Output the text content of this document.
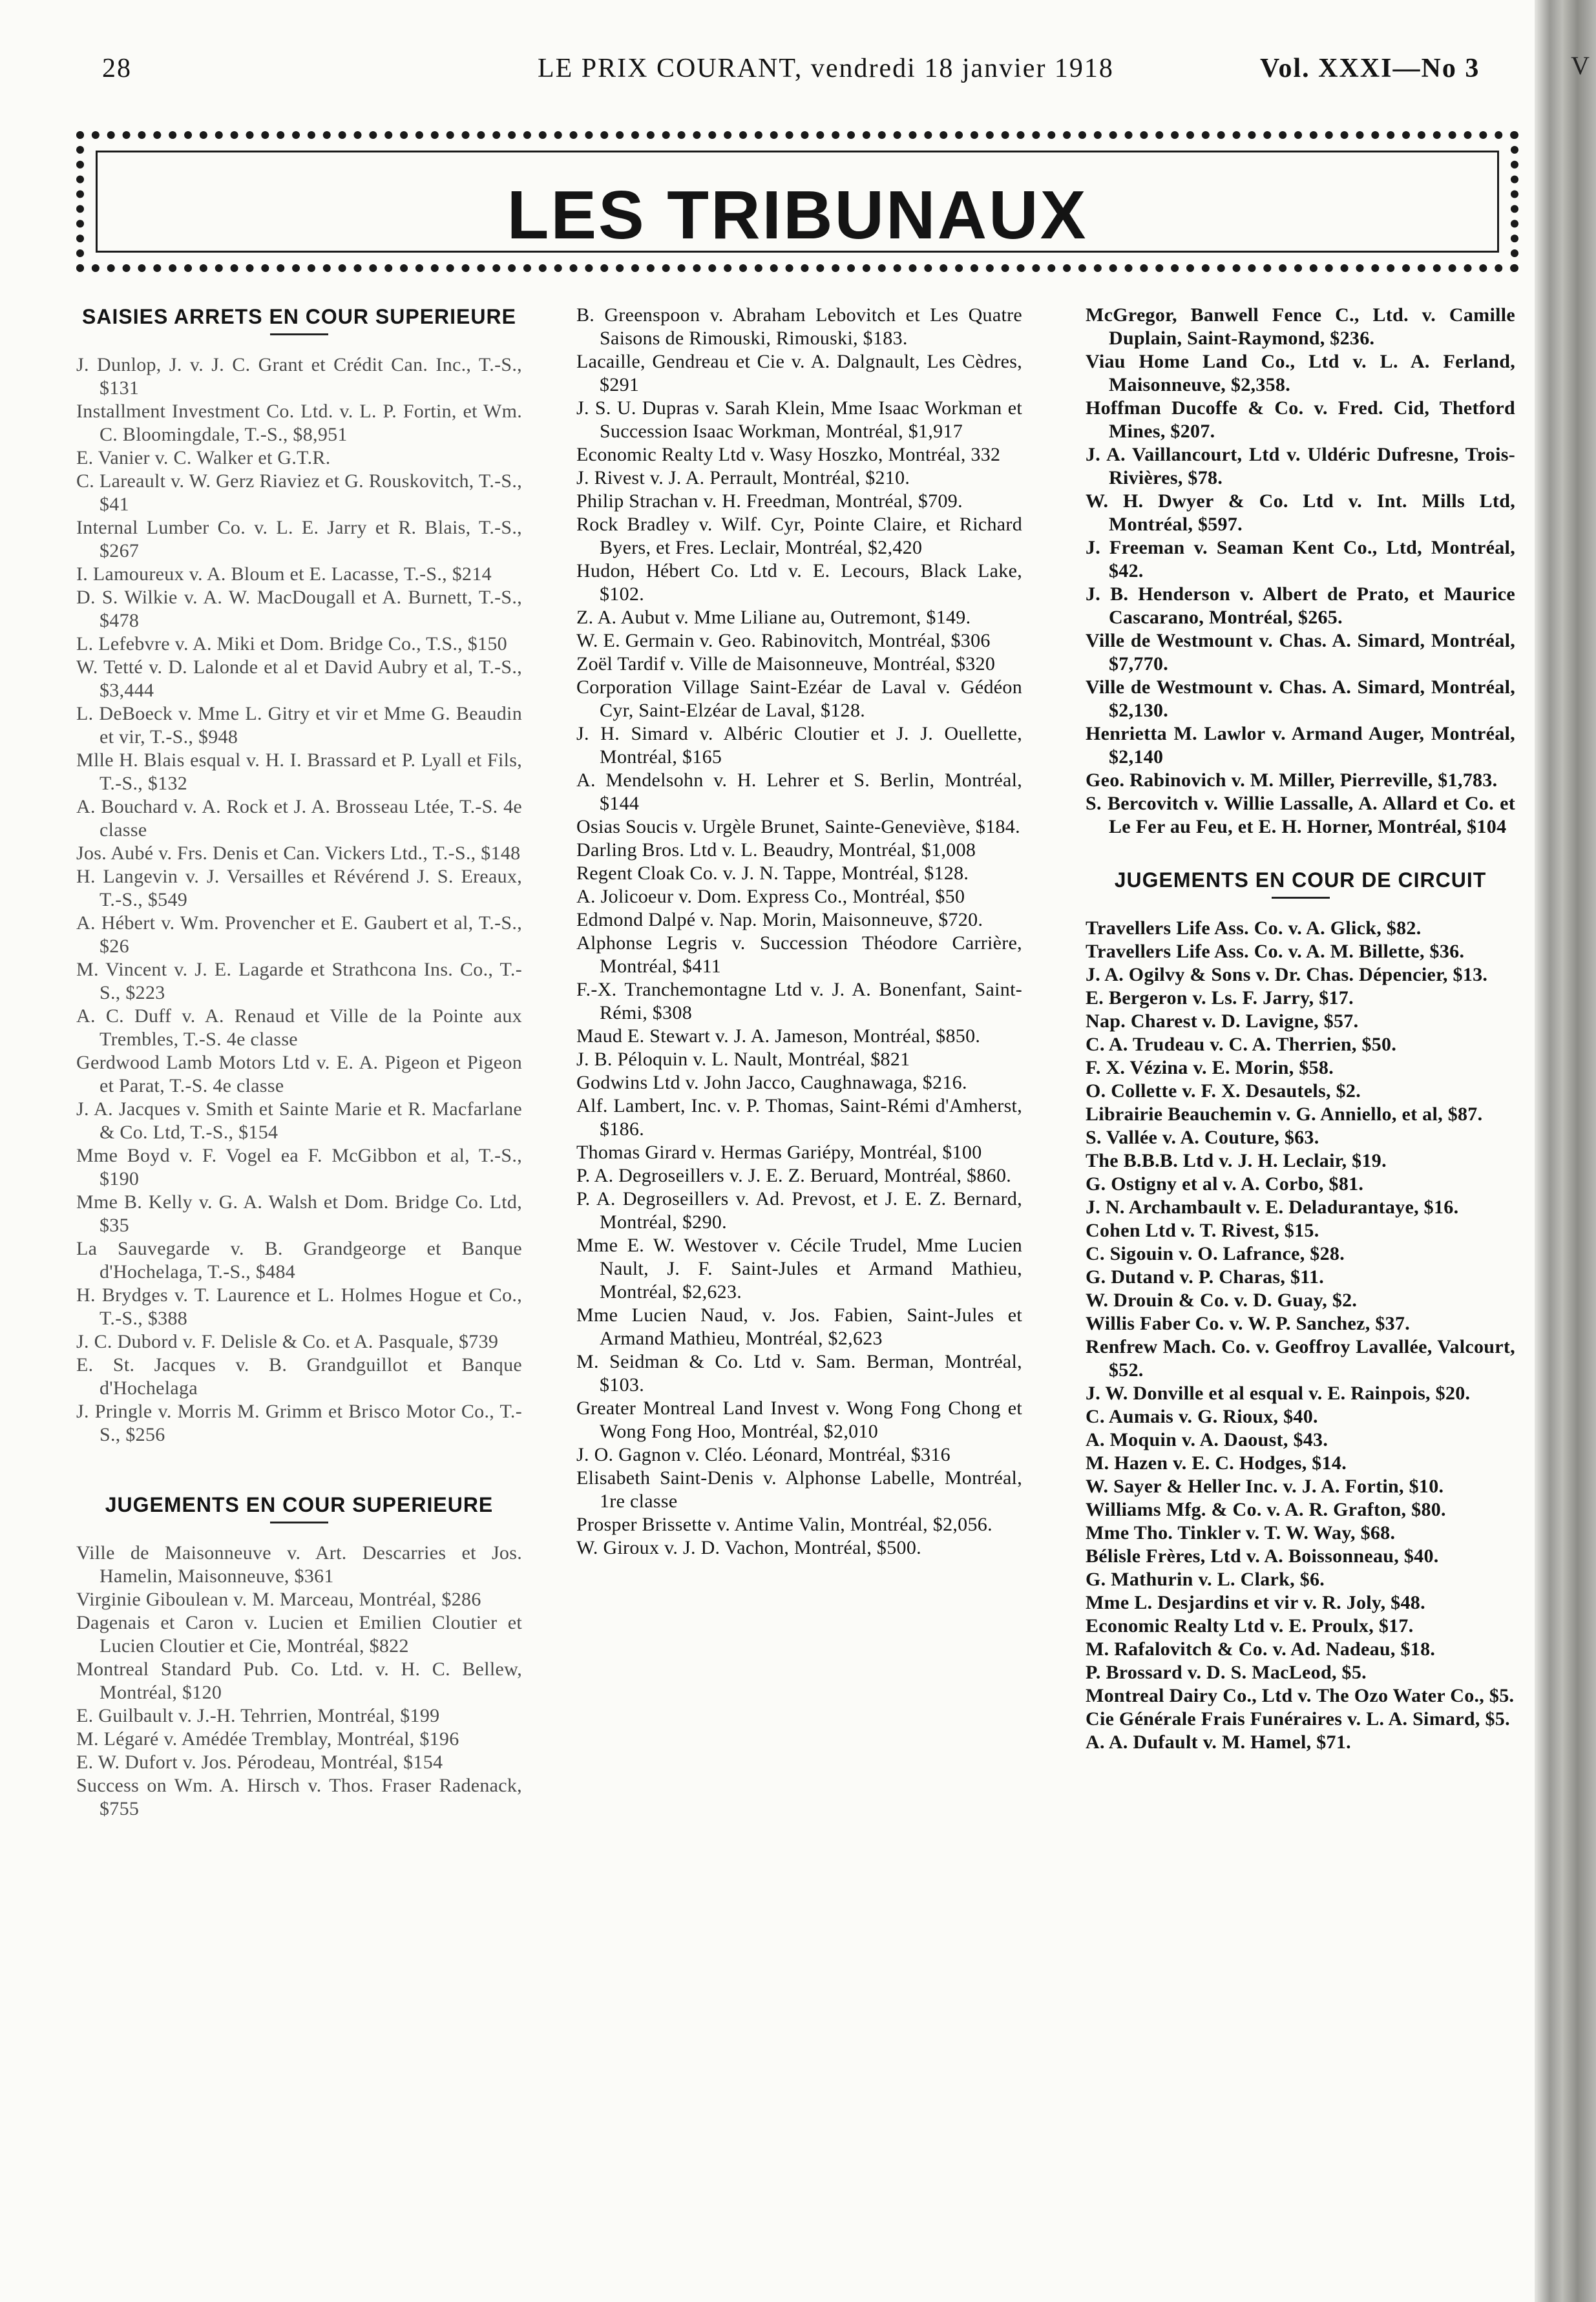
V
28	LE PRIX COURANT, vendredi 18 janvier 1918	Vol. XXXI—No 3
LES TRIBUNAUX
SAISIES ARRETS EN COUR SUPERIEURE

J. Dunlop, J. v. J. C. Grant et Crédit Can. Inc., T.-S., $131

Installment Investment Co. Ltd. v. L. P. Fortin, et Wm. C. Bloomingdale, T.-S., $8,951

E. Vanier v. C. Walker et G.T.R.

C. Lareault v. W. Gerz Riaviez et G. Rouskovitch, T.-S., $41

Internal Lumber Co. v. L. E. Jarry et R. Blais, T.-S., $267

I. Lamoureux v. A. Bloum et E. Lacasse, T.-S., $214

D. S. Wilkie v. A. W. MacDougall et A. Burnett, T.-S., $478

L. Lefebvre v. A. Miki et Dom. Bridge Co., T.S., $150

W. Tetté v. D. Lalonde et al et David Aubry et al, T.-S., $3,444

L. DeBoeck v. Mme L. Gitry et vir et Mme G. Beaudin et vir, T.-S., $948

Mlle H. Blais esqual v. H. I. Brassard et P. Lyall et Fils, T.-S., $132

A. Bouchard v. A. Rock et J. A. Brosseau Ltée, T.-S. 4e classe

Jos. Aubé v. Frs. Denis et Can. Vickers Ltd., T.-S., $148

H. Langevin v. J. Versailles et Révérend J. S. Ereaux, T.-S., $549

A. Hébert v. Wm. Provencher et E. Gaubert et al, T.-S., $26

M. Vincent v. J. E. Lagarde et Strathcona Ins. Co., T.-S., $223

A. C. Duff v. A. Renaud et Ville de la Pointe aux Trembles, T.-S. 4e classe

Gerdwood Lamb Motors Ltd v. E. A. Pigeon et Pigeon et Parat, T.-S. 4e classe

J. A. Jacques v. Smith et Sainte Marie et R. Macfarlane & Co. Ltd, T.-S., $154

Mme Boyd v. F. Vogel ea F. McGibbon et al, T.-S., $190

Mme B. Kelly v. G. A. Walsh et Dom. Bridge Co. Ltd, $35

La Sauvegarde v. B. Grandgeorge et Banque d'Hochelaga, T.-S., $484

H. Brydges v. T. Laurence et L. Holmes Hogue et Co., T.-S., $388

J. C. Dubord v. F. Delisle & Co. et A. Pasquale, $739

E. St. Jacques v. B. Grandguillot et Banque d'Hochelaga

J. Pringle v. Morris M. Grimm et Brisco Motor Co., T.-S., $256

JUGEMENTS EN COUR SUPERIEURE

Ville de Maisonneuve v. Art. Descarries et Jos. Hamelin, Maisonneuve, $361

Virginie Giboulean v. M. Marceau, Montréal, $286

Dagenais et Caron v. Lucien et Emilien Cloutier et Lucien Cloutier et Cie, Montréal, $822

Montreal Standard Pub. Co. Ltd. v. H. C. Bellew, Montréal, $120

E. Guilbault v. J.-H. Tehrrien, Montréal, $199

M. Légaré v. Amédée Tremblay, Montréal, $196

E. W. Dufort v. Jos. Pérodeau, Montréal, $154

Success on Wm. A. Hirsch v. Thos. Fraser Radenack, $755

B. Greenspoon v. Abraham Lebovitch et Les Quatre Saisons de Rimouski, Rimouski, $183.

Lacaille, Gendreau et Cie v. A. Dalgnault, Les Cèdres, $291

J. S. U. Dupras v. Sarah Klein, Mme Isaac Workman et Succession Isaac Workman, Montréal, $1,917

Economic Realty Ltd v. Wasy Hoszko, Montréal, 332

J. Rivest v. J. A. Perrault, Montréal, $210.

Philip Strachan v. H. Freedman, Montréal, $709.

Rock Bradley v. Wilf. Cyr, Pointe Claire, et Richard Byers, et Fres. Leclair, Montréal, $2,420

Hudon, Hébert Co. Ltd v. E. Lecours, Black Lake, $102.

Z. A. Aubut v. Mme Liliane au, Outremont, $149.

W. E. Germain v. Geo. Rabinovitch, Montréal, $306

Zoël Tardif v. Ville de Maisonneuve, Montréal, $320

Corporation Village Saint-Ezéar de Laval v. Gédéon Cyr, Saint-Elzéar de Laval, $128.

J. H. Simard v. Albéric Cloutier et J. J. Ouellette, Montréal, $165

A. Mendelsohn v. H. Lehrer et S. Berlin, Montréal, $144

Osias Soucis v. Urgèle Brunet, Sainte-Geneviève, $184.

Darling Bros. Ltd v. L. Beaudry, Montréal, $1,008

Regent Cloak Co. v. J. N. Tappe, Montréal, $128.

A. Jolicoeur v. Dom. Express Co., Montréal, $50

Edmond Dalpé v. Nap. Morin, Maisonneuve, $720.

Alphonse Legris v. Succession Théodore Carrière, Montréal, $411

F.-X. Tranchemontagne Ltd v. J. A. Bonenfant, Saint-Rémi, $308

Maud E. Stewart v. J. A. Jameson, Montréal, $850.

J. B. Péloquin v. L. Nault, Montréal, $821

Godwins Ltd v. John Jacco, Caughnawaga, $216.

Alf. Lambert, Inc. v. P. Thomas, Saint-Rémi d'Amherst, $186.

Thomas Girard v. Hermas Gariépy, Montréal, $100

P. A. Degroseillers v. J. E. Z. Beruard, Montréal, $860.

P. A. Degroseillers v. Ad. Prevost, et J. E. Z. Bernard, Montréal, $290.

Mme E. W. Westover v. Cécile Trudel, Mme Lucien Nault, J. F. Saint-Jules et Armand Mathieu, Montréal, $2,623.

Mme Lucien Naud, v. Jos. Fabien, Saint-Jules et Armand Mathieu, Montréal, $2,623

M. Seidman & Co. Ltd v. Sam. Berman, Montréal, $103.

Greater Montreal Land Invest v. Wong Fong Chong et Wong Fong Hoo, Montréal, $2,010

J. O. Gagnon v. Cléo. Léonard, Montréal, $316

Elisabeth Saint-Denis v. Alphonse Labelle, Montréal, 1re classe

Prosper Brissette v. Antime Valin, Montréal, $2,056.

W. Giroux v. J. D. Vachon, Montréal, $500.

McGregor, Banwell Fence C., Ltd. v. Camille Duplain, Saint-Raymond, $236.

Viau Home Land Co., Ltd v. L. A. Ferland, Maisonneuve, $2,358.

Hoffman Ducoffe & Co. v. Fred. Cid, Thetford Mines, $207.

J. A. Vaillancourt, Ltd v. Uldéric Dufresne, Trois-Rivières, $78.

W. H. Dwyer & Co. Ltd v. Int. Mills Ltd, Montréal, $597.

J. Freeman v. Seaman Kent Co., Ltd, Montréal, $42.

J. B. Henderson v. Albert de Prato, et Maurice Cascarano, Montréal, $265.

Ville de Westmount v. Chas. A. Simard, Montréal, $7,770.

Ville de Westmount v. Chas. A. Simard, Montréal, $2,130.

Henrietta M. Lawlor v. Armand Auger, Montréal, $2,140

Geo. Rabinovich v. M. Miller, Pierreville, $1,783.

S. Bercovitch v. Willie Lassalle, A. Allard et Co. et Le Fer au Feu, et E. H. Horner, Montréal, $104

JUGEMENTS EN COUR DE CIRCUIT

Travellers Life Ass. Co. v. A. Glick, $82.

Travellers Life Ass. Co. v. A. M. Billette, $36.

J. A. Ogilvy & Sons v. Dr. Chas. Dépencier, $13.

E. Bergeron v. Ls. F. Jarry, $17.

Nap. Charest v. D. Lavigne, $57.

C. A. Trudeau v. C. A. Therrien, $50.

F. X. Vézina v. E. Morin, $58.

O. Collette v. F. X. Desautels, $2.

Librairie Beauchemin v. G. Anniello, et al, $87.

S. Vallée v. A. Couture, $63.

The B.B.B. Ltd v. J. H. Leclair, $19.

G. Ostigny et al v. A. Corbo, $81.

J. N. Archambault v. E. Deladurantaye, $16.

Cohen Ltd v. T. Rivest, $15.

C. Sigouin v. O. Lafrance, $28.

G. Dutand v. P. Charas, $11.

W. Drouin & Co. v. D. Guay, $2.

Willis Faber Co. v. W. P. Sanchez, $37.

Renfrew Mach. Co. v. Geoffroy Lavallée, Valcourt, $52.

J. W. Donville et al esqual v. E. Rainpois, $20.

C. Aumais v. G. Rioux, $40.

A. Moquin v. A. Daoust, $43.

M. Hazen v. E. C. Hodges, $14.

W. Sayer & Heller Inc. v. J. A. Fortin, $10.

Williams Mfg. & Co. v. A. R. Grafton, $80.

Mme Tho. Tinkler v. T. W. Way, $68.

Bélisle Frères, Ltd v. A. Boissonneau, $40.

G. Mathurin v. L. Clark, $6.

Mme L. Desjardins et vir v. R. Joly, $48.

Economic Realty Ltd v. E. Proulx, $17.

M. Rafalovitch & Co. v. Ad. Nadeau, $18.

P. Brossard v. D. S. MacLeod, $5.

Montreal Dairy Co., Ltd v. The Ozo Water Co., $5.

Cie Générale Frais Funéraires v. L. A. Simard, $5.

A. A. Dufault v. M. Hamel, $71.
